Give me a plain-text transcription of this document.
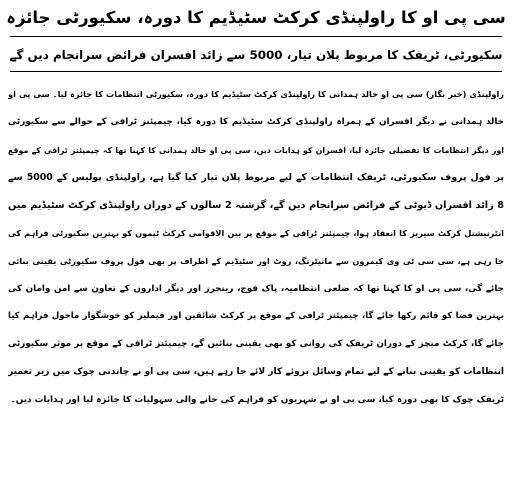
سی پی او کا راولپنڈی کرکٹ سٹیڈیم کا دورہ، سکیورٹی جائزہ
سکیورٹی، ٹریفک کا مربوط پلان تیار، 5000 سے زائد افسران فرائض سرانجام دیں گے
راولپنڈی (خبر نگار) سی پی او خالد ہمدانی کا راولپنڈی کرکٹ سٹیڈیم کا دورہ، سکیورٹی انتظامات کا جائزہ لیا۔ سی پی او
خالد ہمدانی نے دیگر افسران کے ہمراہ راولپنڈی کرکٹ سٹیڈیم کا دورہ کیا، چیمپئنز ٹرافی کے حوالے سے سکیورٹی
اور دیگر انتظامات کا تفصیلی جائزہ لیا، افسران کو ہدایات دیں، سی پی او خالد ہمدانی کا کہنا تھا کہ چیمپئنز ٹرافی کے موقع
پر فول پروف سکیورٹی، ٹریفک انتظامات کے لیے مربوط پلان تیار کیا گیا ہے، راولپنڈی پولیس کے 5000 سے
8 زائد افسران ڈیوٹی کے فرائض سرانجام دیں گے، گزشتہ 2 سالوں کے دوران راولپنڈی کرکٹ سٹیڈیم میں
انٹرنیشنل کرکٹ سیریز کا انعقاد ہوا، چیمپئنز ٹرافی کے موقع پر بین الاقوامی کرکٹ ٹیموں کو بہترین سکیورٹی فراہم کی
جا رہی ہے، سی سی ٹی وی کیمروں سے مانیٹرنگ، روٹ اور سٹیڈیم کے اطراف پر بھی فول پروف سکیورٹی یقینی بنائی
جائے گی، سی پی او کا کہنا تھا کہ ضلعی انتظامیہ، پاک فوج، رینجرز اور دیگر اداروں کے تعاون سے امن وامان کی
بہترین فضا کو قائم رکھا جائے گا، چیمپئنز ٹرافی کے موقع پر کرکٹ شائقین اور فیملیز کو خوشگوار ماحول فراہم کیا
جائے گا، کرکٹ میچز کے دوران ٹریفک کی روانی کو بھی یقینی بنائیں گے، چیمپئنز ٹرافی کے موقع پر موثر سکیورٹی
انتظامات کو یقینی بنانے کے لیے تمام وسائل بروئے کار لائے جا رہے ہیں، سی پی او نے چاندنی چوک میں زیر تعمیر
ٹریفک چوک کا بھی دورہ کیا، سی پی او نے شہریوں کو فراہم کی جانے والی سہولیات کا جائزہ لیا اور ہدایات دیں۔
